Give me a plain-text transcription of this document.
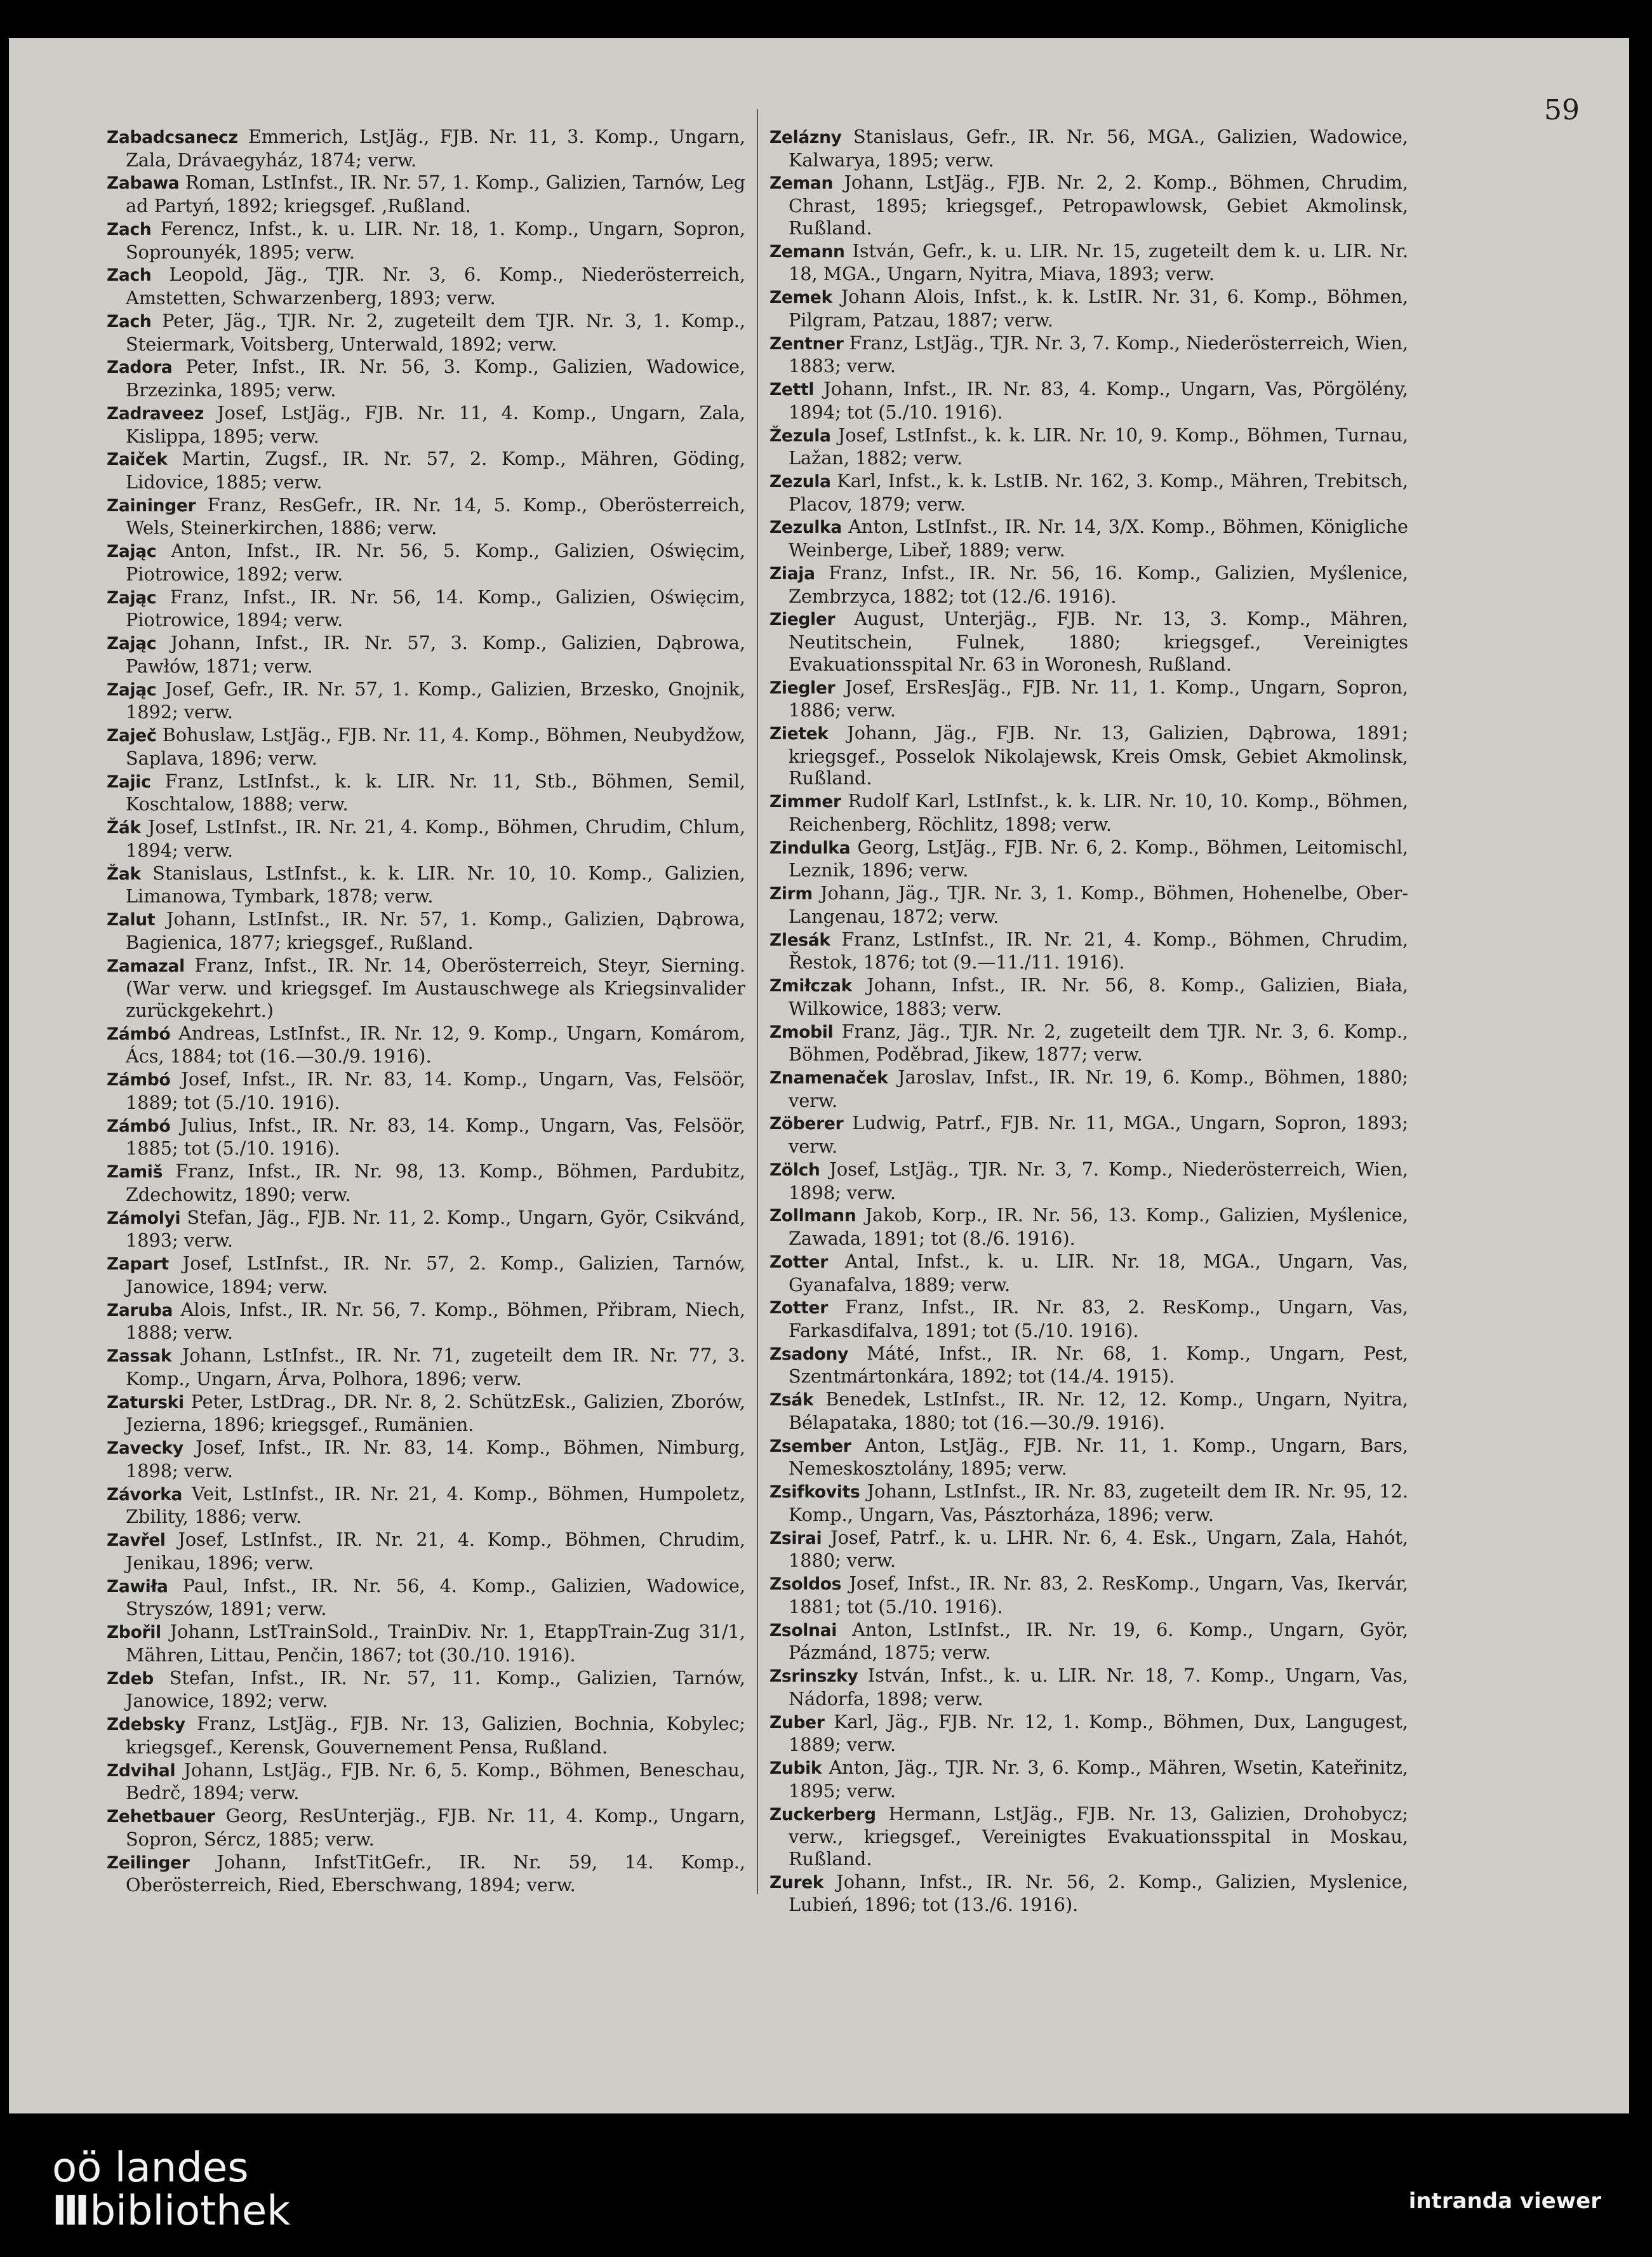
59

Zabadcsanecz Emmerich, LstJäg., FJB. Nr. 11, 3. Komp., Ungarn, Zala, Drávaegyház, 1874; verw.

Zabawa Roman, LstInfst., IR. Nr. 57, 1. Komp., Galizien, Tarnów, Leg ad Partyń, 1892; kriegsgef. ,Rußland.

Zach Ferencz, Infst., k. u. LIR. Nr. 18, 1. Komp., Ungarn, Sopron, Soprounyék, 1895; verw.

Zach Leopold, Jäg., TJR. Nr. 3, 6. Komp., Niederösterreich, Amstetten, Schwarzenberg, 1893; verw.

Zach Peter, Jäg., TJR. Nr. 2, zugeteilt dem TJR. Nr. 3, 1. Komp., Steiermark, Voitsberg, Unterwald, 1892; verw.

Zadora Peter, Infst., IR. Nr. 56, 3. Komp., Galizien, Wadowice, Brzezinka, 1895; verw.

Zadraveez Josef, LstJäg., FJB. Nr. 11, 4. Komp., Ungarn, Zala, Kislippa, 1895; verw.

Zaiček Martin, Zugsf., IR. Nr. 57, 2. Komp., Mähren, Göding, Lidovice, 1885; verw.

Zaininger Franz, ResGefr., IR. Nr. 14, 5. Komp., Oberösterreich, Wels, Steinerkirchen, 1886; verw.

Zając Anton, Infst., IR. Nr. 56, 5. Komp., Galizien, Oświęcim, Piotrowice, 1892; verw.

Zając Franz, Infst., IR. Nr. 56, 14. Komp., Galizien, Oświęcim, Piotrowice, 1894; verw.

Zając Johann, Infst., IR. Nr. 57, 3. Komp., Galizien, Dąbrowa, Pawłów, 1871; verw.

Zając Josef, Gefr., IR. Nr. 57, 1. Komp., Galizien, Brzesko, Gnojnik, 1892; verw.

Zaječ Bohuslaw, LstJäg., FJB. Nr. 11, 4. Komp., Böhmen, Neubydžow, Saplava, 1896; verw.

Zajic Franz, LstInfst., k. k. LIR. Nr. 11, Stb., Böhmen, Semil, Koschtalow, 1888; verw.

Žák Josef, LstInfst., IR. Nr. 21, 4. Komp., Böhmen, Chrudim, Chlum, 1894; verw.

Žak Stanislaus, LstInfst., k. k. LIR. Nr. 10, 10. Komp., Galizien, Limanowa, Tymbark, 1878; verw.

Zalut Johann, LstInfst., IR. Nr. 57, 1. Komp., Galizien, Dąbrowa, Bagienica, 1877; kriegsgef., Rußland.

Zamazal Franz, Infst., IR. Nr. 14, Oberösterreich, Steyr, Sierning. (War verw. und kriegsgef. Im Austauschwege als Kriegsinvalider zurückgekehrt.)

Zámbó Andreas, LstInfst., IR. Nr. 12, 9. Komp., Ungarn, Komárom, Ács, 1884; tot (16.—30./9. 1916).

Zámbó Josef, Infst., IR. Nr. 83, 14. Komp., Ungarn, Vas, Felsöör, 1889; tot (5./10. 1916).

Zámbó Julius, Infst., IR. Nr. 83, 14. Komp., Ungarn, Vas, Felsöör, 1885; tot (5./10. 1916).

Zamiš Franz, Infst., IR. Nr. 98, 13. Komp., Böhmen, Pardubitz, Zdechowitz, 1890; verw.

Zámolyi Stefan, Jäg., FJB. Nr. 11, 2. Komp., Ungarn, Györ, Csikvánd, 1893; verw.

Zapart Josef, LstInfst., IR. Nr. 57, 2. Komp., Galizien, Tarnów, Janowice, 1894; verw.

Zaruba Alois, Infst., IR. Nr. 56, 7. Komp., Böhmen, Přibram, Niech, 1888; verw.

Zassak Johann, LstInfst., IR. Nr. 71, zugeteilt dem IR. Nr. 77, 3. Komp., Ungarn, Árva, Polhora, 1896; verw.

Zaturski Peter, LstDrag., DR. Nr. 8, 2. SchützEsk., Galizien, Zborów, Jezierna, 1896; kriegsgef., Rumänien.

Zavecky Josef, Infst., IR. Nr. 83, 14. Komp., Böhmen, Nimburg, 1898; verw.

Závorka Veit, LstInfst., IR. Nr. 21, 4. Komp., Böhmen, Humpoletz, Zbility, 1886; verw.

Zavřel Josef, LstInfst., IR. Nr. 21, 4. Komp., Böhmen, Chrudim, Jenikau, 1896; verw.

Zawiła Paul, Infst., IR. Nr. 56, 4. Komp., Galizien, Wadowice, Stryszów, 1891; verw.

Zbořil Johann, LstTrainSold., TrainDiv. Nr. 1, EtappTrain-Zug 31/1, Mähren, Littau, Penčin, 1867; tot (30./10. 1916).

Zdeb Stefan, Infst., IR. Nr. 57, 11. Komp., Galizien, Tarnów, Janowice, 1892; verw.

Zdebsky Franz, LstJäg., FJB. Nr. 13, Galizien, Bochnia, Kobylec; kriegsgef., Kerensk, Gouvernement Pensa, Rußland.

Zdvihal Johann, LstJäg., FJB. Nr. 6, 5. Komp., Böhmen, Beneschau, Bedrč, 1894; verw.

Zehetbauer Georg, ResUnterjäg., FJB. Nr. 11, 4. Komp., Ungarn, Sopron, Sércz, 1885; verw.

Zeilinger Johann, InfstTitGefr., IR. Nr. 59, 14. Komp., Oberösterreich, Ried, Eberschwang, 1894; verw.

Zelázny Stanislaus, Gefr., IR. Nr. 56, MGA., Galizien, Wadowice, Kalwarya, 1895; verw.

Zeman Johann, LstJäg., FJB. Nr. 2, 2. Komp., Böhmen, Chrudim, Chrast, 1895; kriegsgef., Petropawlowsk, Gebiet Akmolinsk, Rußland.

Zemann István, Gefr., k. u. LIR. Nr. 15, zugeteilt dem k. u. LIR. Nr. 18, MGA., Ungarn, Nyitra, Miava, 1893; verw.

Zemek Johann Alois, Infst., k. k. LstIR. Nr. 31, 6. Komp., Böhmen, Pilgram, Patzau, 1887; verw.

Zentner Franz, LstJäg., TJR. Nr. 3, 7. Komp., Niederösterreich, Wien, 1883; verw.

Zettl Johann, Infst., IR. Nr. 83, 4. Komp., Ungarn, Vas, Pörgölény, 1894; tot (5./10. 1916).

Žezula Josef, LstInfst., k. k. LIR. Nr. 10, 9. Komp., Böhmen, Turnau, Lažan, 1882; verw.

Zezula Karl, Infst., k. k. LstIB. Nr. 162, 3. Komp., Mähren, Trebitsch, Placov, 1879; verw.

Zezulka Anton, LstInfst., IR. Nr. 14, 3/X. Komp., Böhmen, Königliche Weinberge, Libeř, 1889; verw.

Ziaja Franz, Infst., IR. Nr. 56, 16. Komp., Galizien, Myślenice, Zembrzyca, 1882; tot (12./6. 1916).

Ziegler August, Unterjäg., FJB. Nr. 13, 3. Komp., Mähren, Neutitschein, Fulnek, 1880; kriegsgef., Vereinigtes Evakuationsspital Nr. 63 in Woronesh, Rußland.

Ziegler Josef, ErsResJäg., FJB. Nr. 11, 1. Komp., Ungarn, Sopron, 1886; verw.

Zietek Johann, Jäg., FJB. Nr. 13, Galizien, Dąbrowa, 1891; kriegsgef., Posselok Nikolajewsk, Kreis Omsk, Gebiet Akmolinsk, Rußland.

Zimmer Rudolf Karl, LstInfst., k. k. LIR. Nr. 10, 10. Komp., Böhmen, Reichenberg, Röchlitz, 1898; verw.

Zindulka Georg, LstJäg., FJB. Nr. 6, 2. Komp., Böhmen, Leitomischl, Leznik, 1896; verw.

Zirm Johann, Jäg., TJR. Nr. 3, 1. Komp., Böhmen, Hohenelbe, Ober-Langenau, 1872; verw.

Zlesák Franz, LstInfst., IR. Nr. 21, 4. Komp., Böhmen, Chrudim, Řestok, 1876; tot (9.—11./11. 1916).

Zmiłczak Johann, Infst., IR. Nr. 56, 8. Komp., Galizien, Biała, Wilkowice, 1883; verw.

Zmobil Franz, Jäg., TJR. Nr. 2, zugeteilt dem TJR. Nr. 3, 6. Komp., Böhmen, Poděbrad, Jikew, 1877; verw.

Znamenaček Jaroslav, Infst., IR. Nr. 19, 6. Komp., Böhmen, 1880; verw.

Zöberer Ludwig, Patrf., FJB. Nr. 11, MGA., Ungarn, Sopron, 1893; verw.

Zölch Josef, LstJäg., TJR. Nr. 3, 7. Komp., Niederösterreich, Wien, 1898; verw.

Zollmann Jakob, Korp., IR. Nr. 56, 13. Komp., Galizien, Myślenice, Zawada, 1891; tot (8./6. 1916).

Zotter Antal, Infst., k. u. LIR. Nr. 18, MGA., Ungarn, Vas, Gyanafalva, 1889; verw.

Zotter Franz, Infst., IR. Nr. 83, 2. ResKomp., Ungarn, Vas, Farkasdifalva, 1891; tot (5./10. 1916).

Zsadony Máté, Infst., IR. Nr. 68, 1. Komp., Ungarn, Pest, Szentmártonkára, 1892; tot (14./4. 1915).

Zsák Benedek, LstInfst., IR. Nr. 12, 12. Komp., Ungarn, Nyitra, Bélapataka, 1880; tot (16.—30./9. 1916).

Zsember Anton, LstJäg., FJB. Nr. 11, 1. Komp., Ungarn, Bars, Nemeskosztolány, 1895; verw.

Zsifkovits Johann, LstInfst., IR. Nr. 83, zugeteilt dem IR. Nr. 95, 12. Komp., Ungarn, Vas, Pásztorháza, 1896; verw.

Zsirai Josef, Patrf., k. u. LHR. Nr. 6, 4. Esk., Ungarn, Zala, Hahót, 1880; verw.

Zsoldos Josef, Infst., IR. Nr. 83, 2. ResKomp., Ungarn, Vas, Ikervár, 1881; tot (5./10. 1916).

Zsolnai Anton, LstInfst., IR. Nr. 19, 6. Komp., Ungarn, Györ, Pázmánd, 1875; verw.

Zsrinszky István, Infst., k. u. LIR. Nr. 18, 7. Komp., Ungarn, Vas, Nádorfa, 1898; verw.

Zuber Karl, Jäg., FJB. Nr. 12, 1. Komp., Böhmen, Dux, Langugest, 1889; verw.

Zubik Anton, Jäg., TJR. Nr. 3, 6. Komp., Mähren, Wsetin, Kateřinitz, 1895; verw.

Zuckerberg Hermann, LstJäg., FJB. Nr. 13, Galizien, Drohobycz; verw., kriegsgef., Vereinigtes Evakuationsspital in Moskau, Rußland.

Zurek Johann, Infst., IR. Nr. 56, 2. Komp., Galizien, Myslenice, Lubień, 1896; tot (13./6. 1916).

oö landes
IIIbibliothek	intranda viewer
